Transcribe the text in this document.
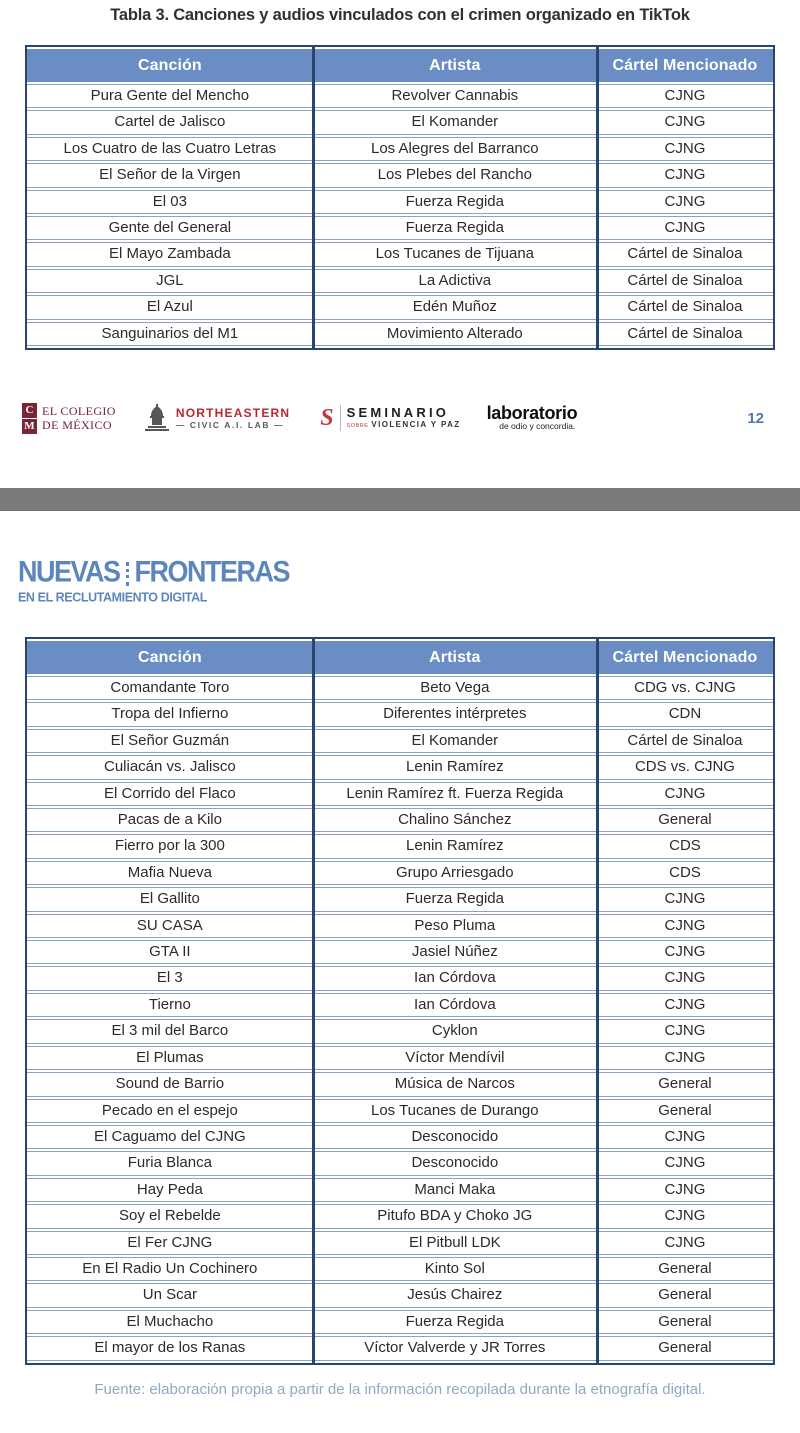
Tabla 3. Canciones y audios vinculados con el crimen organizado en TikTok
Canción	Artista	Cártel Mencionado
Pura Gente del Mencho	Revolver Cannabis	CJNG
Cartel de Jalisco	El Komander	CJNG
Los Cuatro de las Cuatro Letras	Los Alegres del Barranco	CJNG
El Señor de la Virgen	Los Plebes del Rancho	CJNG
El 03	Fuerza Regida	CJNG
Gente del General	Fuerza Regida	CJNG
El Mayo Zambada	Los Tucanes de Tijuana	Cártel de Sinaloa
JGL	La Adictiva	Cártel de Sinaloa
El Azul	Edén Muñoz	Cártel de Sinaloa
Sanguinarios del M1	Movimiento Alterado	Cártel de Sinaloa
C
M
EL COLEGIO
DE MÉXICO
NORTHEASTERN
— CIVIC A.I. LAB — S SEMINARIO
SOBRE VIOLENCIA Y PAZ
laboratorio
de odio y concordia.	12
NUEVAS FRONTERAS
EN EL RECLUTAMIENTO DIGITAL
Canción	Artista	Cártel Mencionado
Comandante Toro	Beto Vega	CDG vs. CJNG
Tropa del Infierno	Diferentes intérpretes	CDN
El Señor Guzmán	El Komander	Cártel de Sinaloa
Culiacán vs. Jalisco	Lenin Ramírez	CDS vs. CJNG
El Corrido del Flaco	Lenin Ramírez ft. Fuerza Regida	CJNG
Pacas de a Kilo	Chalino Sánchez	General
Fierro por la 300	Lenin Ramírez	CDS
Mafia Nueva	Grupo Arriesgado	CDS
El Gallito	Fuerza Regida	CJNG
SU CASA	Peso Pluma	CJNG
GTA II	Jasiel Núñez	CJNG
El 3	Ian Córdova	CJNG
Tierno	Ian Córdova	CJNG
El 3 mil del Barco	Cyklon	CJNG
El Plumas	Víctor Mendívil	CJNG
Sound de Barrio	Música de Narcos	General
Pecado en el espejo	Los Tucanes de Durango	General
El Caguamo del CJNG	Desconocido	CJNG
Furia Blanca	Desconocido	CJNG
Hay Peda	Manci Maka	CJNG
Soy el Rebelde	Pitufo BDA y Choko JG	CJNG
El Fer CJNG	El Pitbull LDK	CJNG
En El Radio Un Cochinero	Kinto Sol	General
Un Scar	Jesús Chairez	General
El Muchacho	Fuerza Regida	General
El mayor de los Ranas	Víctor Valverde y JR Torres	General
Fuente: elaboración propia a partir de la información recopilada durante la etnografía digital.
